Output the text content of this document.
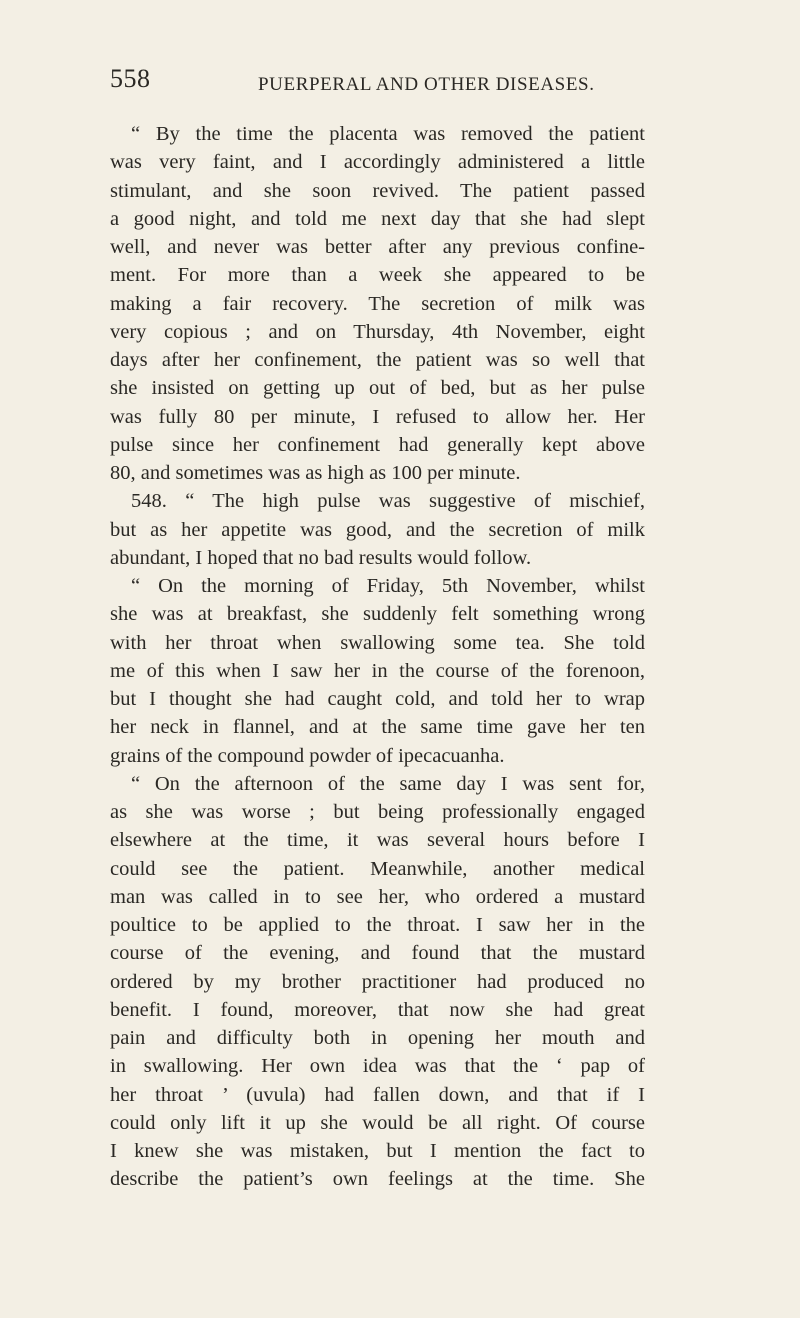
558	PUERPERAL AND OTHER DISEASES.
“ By the time the placenta was removed the patient
was very faint, and I accordingly administered a little
stimulant, and she soon revived. The patient passed
a good night, and told me next day that she had slept
well, and never was better after any previous confine-
ment. For more than a week she appeared to be
making a fair recovery. The secretion of milk was
very copious ; and on Thursday, 4th November, eight
days after her confinement, the patient was so well that
she insisted on getting up out of bed, but as her pulse
was fully 80 per minute, I refused to allow her. Her
pulse since her confinement had generally kept above
80, and sometimes was as high as 100 per minute.
548. “ The high pulse was suggestive of mischief,
but as her appetite was good, and the secretion of milk
abundant, I hoped that no bad results would follow.
“ On the morning of Friday, 5th November, whilst
she was at breakfast, she suddenly felt something wrong
with her throat when swallowing some tea. She told
me of this when I saw her in the course of the forenoon,
but I thought she had caught cold, and told her to wrap
her neck in flannel, and at the same time gave her ten
grains of the compound powder of ipecacuanha.
“ On the afternoon of the same day I was sent for,
as she was worse ; but being professionally engaged
elsewhere at the time, it was several hours before I
could see the patient. Meanwhile, another medical
man was called in to see her, who ordered a mustard
poultice to be applied to the throat. I saw her in the
course of the evening, and found that the mustard
ordered by my brother practitioner had produced no
benefit. I found, moreover, that now she had great
pain and difficulty both in opening her mouth and
in swallowing. Her own idea was that the ‘ pap of
her throat ’ (uvula) had fallen down, and that if I
could only lift it up she would be all right. Of course
I knew she was mistaken, but I mention the fact to
describe the patient’s own feelings at the time. She
